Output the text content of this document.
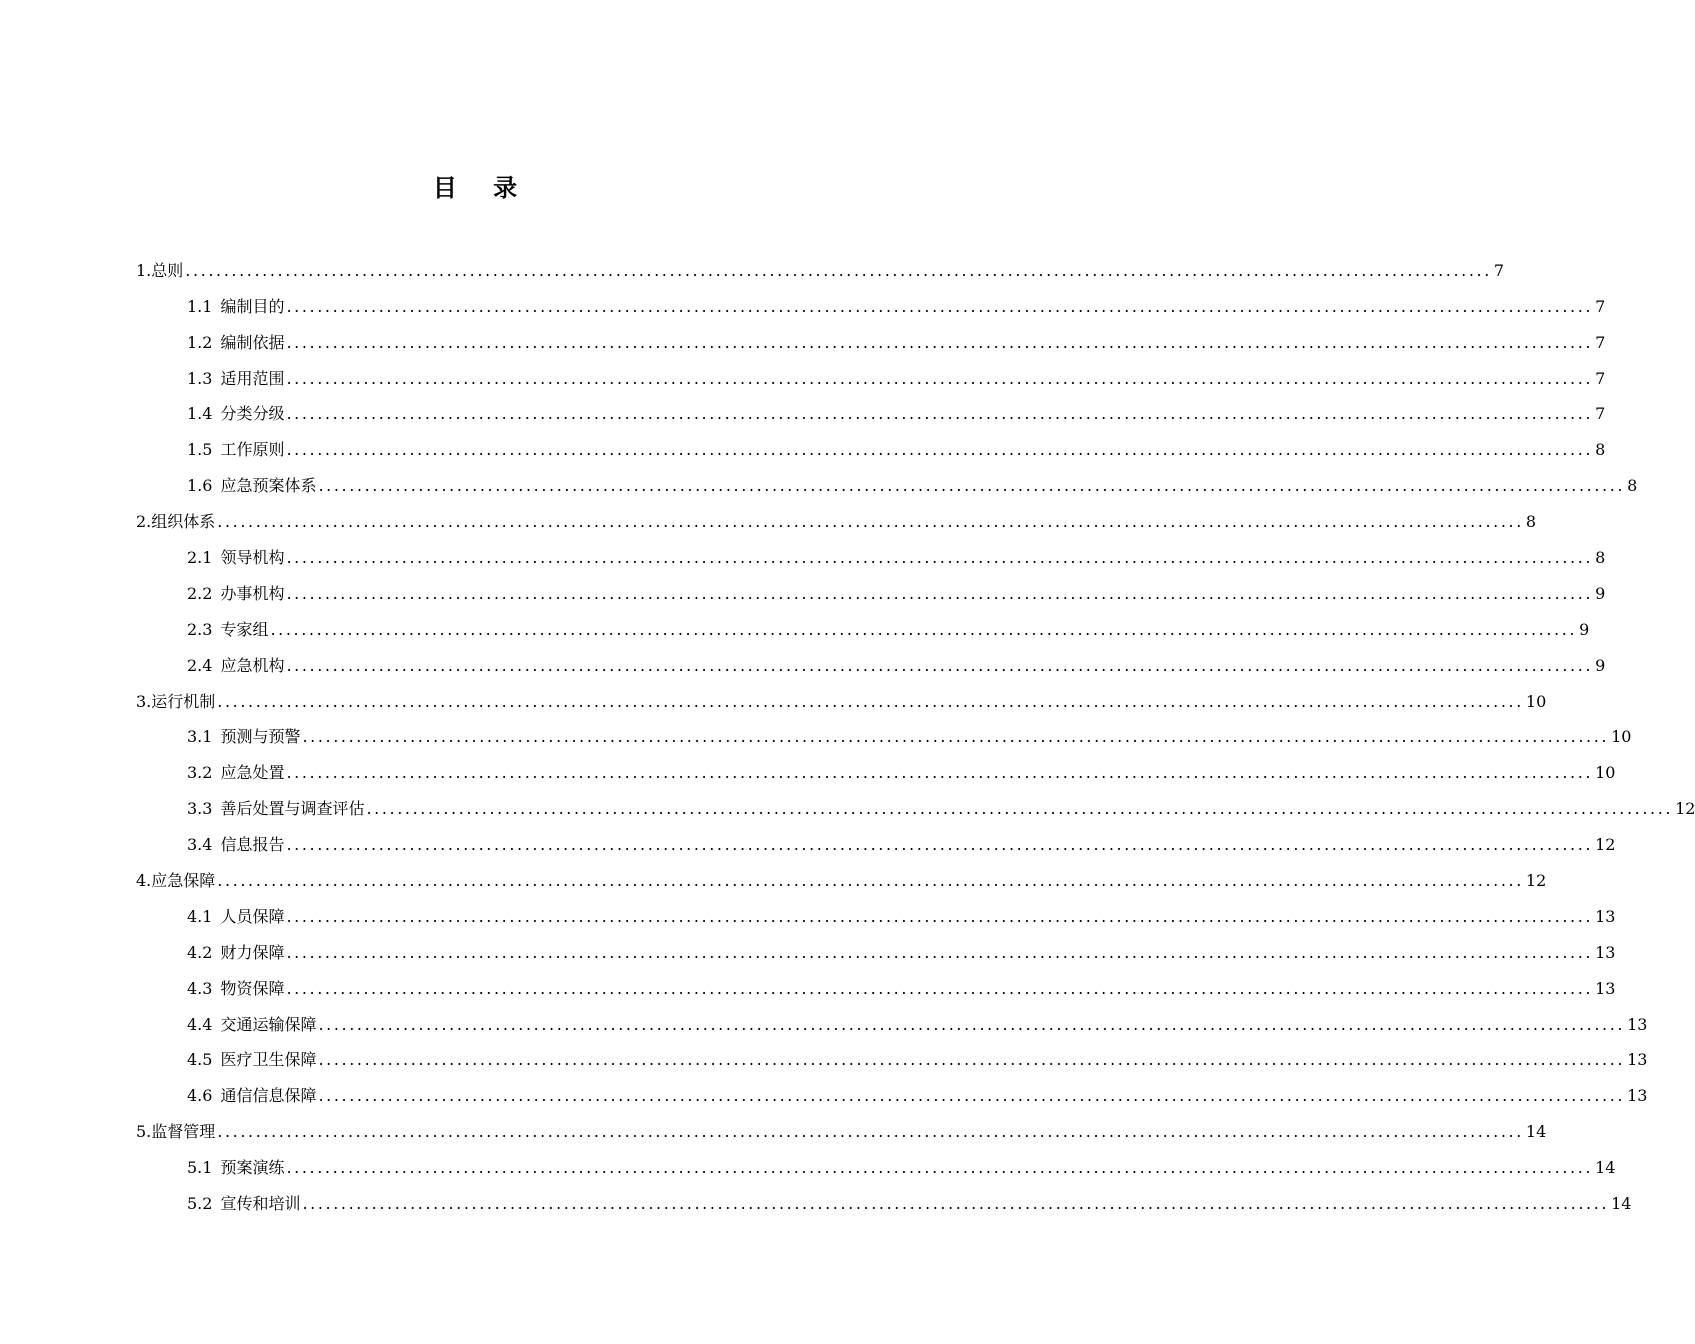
目 录
1. 总则 .......................................................................................................................................................................... 7
1.1 编制目的 .......................................................................................................................................................................... 7
1.2 编制依据 .......................................................................................................................................................................... 7
1.3 适用范围 .......................................................................................................................................................................... 7
1.4 分类分级 .......................................................................................................................................................................... 7
1.5 工作原则 .......................................................................................................................................................................... 8
1.6 应急预案体系 .......................................................................................................................................................................... 8
2. 组织体系 .......................................................................................................................................................................... 8
2.1 领导机构 .......................................................................................................................................................................... 8
2.2 办事机构 .......................................................................................................................................................................... 9
2.3 专家组 .......................................................................................................................................................................... 9
2.4 应急机构 .......................................................................................................................................................................... 9
3. 运行机制 .......................................................................................................................................................................... 10
3.1 预测与预警 .......................................................................................................................................................................... 10
3.2 应急处置 .......................................................................................................................................................................... 10
3.3 善后处置与调查评估 .......................................................................................................................................................................... 12
3.4 信息报告 .......................................................................................................................................................................... 12
4. 应急保障 .......................................................................................................................................................................... 12
4.1 人员保障 .......................................................................................................................................................................... 13
4.2 财力保障 .......................................................................................................................................................................... 13
4.3 物资保障 .......................................................................................................................................................................... 13
4.4 交通运输保障 .......................................................................................................................................................................... 13
4.5 医疗卫生保障 .......................................................................................................................................................................... 13
4.6 通信信息保障 .......................................................................................................................................................................... 13
5. 监督管理 .......................................................................................................................................................................... 14
5.1 预案演练 .......................................................................................................................................................................... 14
5.2 宣传和培训 .......................................................................................................................................................................... 14
